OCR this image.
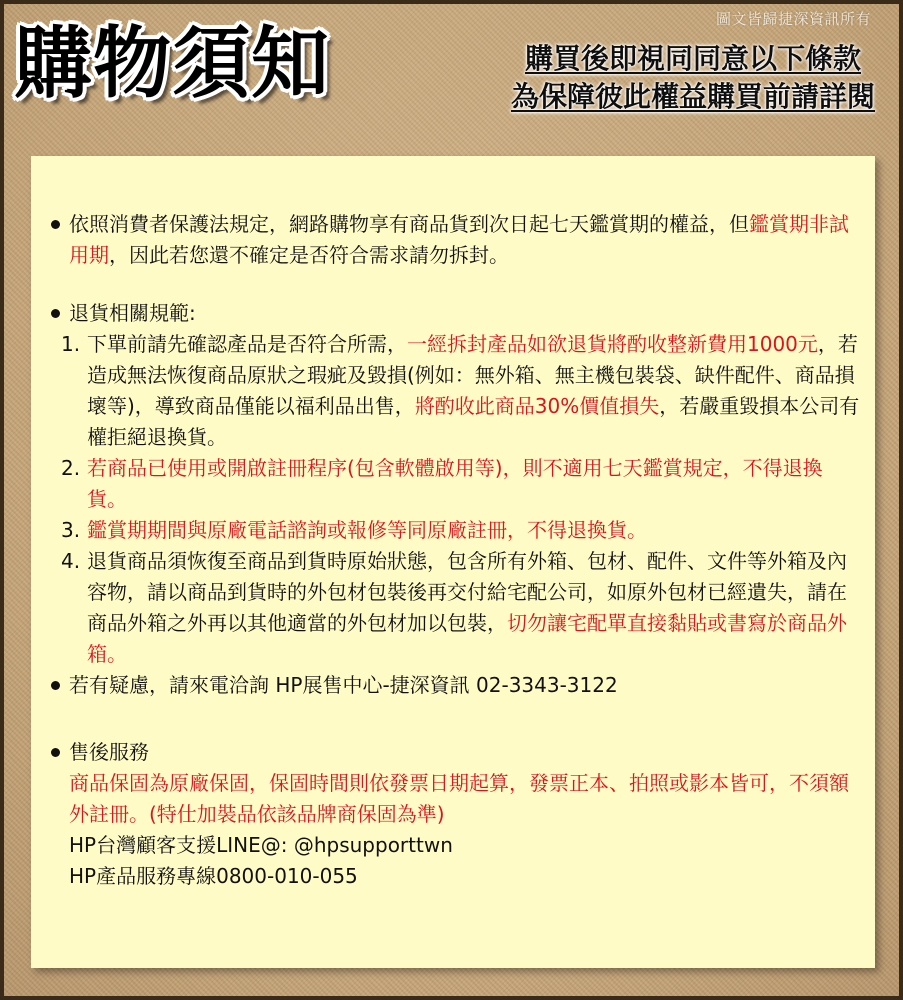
圖文皆歸捷深資訊所有
購物須知	購買後即視同同意以下條款
為保障彼此權益購買前請詳閱
依照消費者保護法規定，網路購物享有商品貨到次日起七天鑑賞期的權益，但鑑賞期非試用期，因此若您還不確定是否符合需求請勿拆封。
退貨相關規範:
下單前請先確認產品是否符合所需，一經拆封產品如欲退貨將酌收整新費用1000元，若造成無法恢復商品原狀之瑕疵及毀損(例如：無外箱、無主機包裝袋、缺件配件、商品損壞等)，導致商品僅能以福利品出售，將酌收此商品30%價值損失，若嚴重毀損本公司有權拒絕退換貨。
若商品已使用或開啟註冊程序(包含軟體啟用等)，則不適用七天鑑賞規定，不得退換貨。
鑑賞期期間與原廠電話諮詢或報修等同原廠註冊，不得退換貨。
退貨商品須恢復至商品到貨時原始狀態，包含所有外箱、包材、配件、文件等外箱及內容物，請以商品到貨時的外包材包裝後再交付給宅配公司，如原外包材已經遺失，請在商品外箱之外再以其他適當的外包材加以包裝，切勿讓宅配單直接黏貼或書寫於商品外箱。
若有疑慮，請來電洽詢 HP展售中心-捷深資訊 02-3343-3122
售後服務
商品保固為原廠保固，保固時間則依發票日期起算，發票正本、拍照或影本皆可，不須額外註冊。(特仕加裝品依該品牌商保固為準)
HP台灣顧客支援LINE@: @hpsupporttwn
HP產品服務專線0800-010-055
